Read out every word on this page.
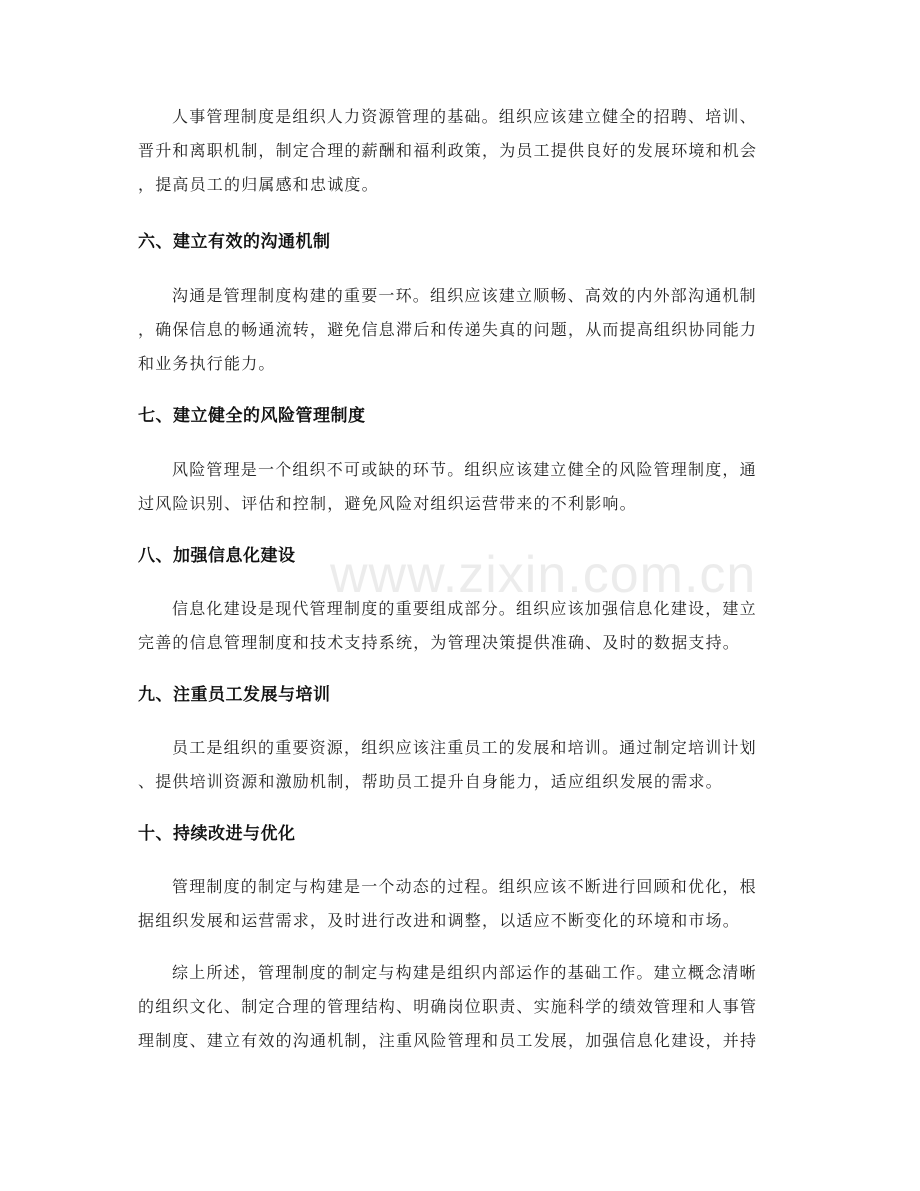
www.zixin.com.cn

人事管理制度是组织人力资源管理的基础。组织应该建立健全的招聘、培训、
晋升和离职机制，制定合理的薪酬和福利政策，为员工提供良好的发展环境和机会
，提高员工的归属感和忠诚度。

六、建立有效的沟通机制

沟通是管理制度构建的重要一环。组织应该建立顺畅、高效的内外部沟通机制
，确保信息的畅通流转，避免信息滞后和传递失真的问题，从而提高组织协同能力
和业务执行能力。

七、建立健全的风险管理制度

风险管理是一个组织不可或缺的环节。组织应该建立健全的风险管理制度，通
过风险识别、评估和控制，避免风险对组织运营带来的不利影响。

八、加强信息化建设

信息化建设是现代管理制度的重要组成部分。组织应该加强信息化建设，建立
完善的信息管理制度和技术支持系统，为管理决策提供准确、及时的数据支持。

九、注重员工发展与培训

员工是组织的重要资源，组织应该注重员工的发展和培训。通过制定培训计划
、提供培训资源和激励机制，帮助员工提升自身能力，适应组织发展的需求。

十、持续改进与优化

管理制度的制定与构建是一个动态的过程。组织应该不断进行回顾和优化，根
据组织发展和运营需求，及时进行改进和调整，以适应不断变化的环境和市场。

综上所述，管理制度的制定与构建是组织内部运作的基础工作。建立概念清晰
的组织文化、制定合理的管理结构、明确岗位职责、实施科学的绩效管理和人事管
理制度、建立有效的沟通机制，注重风险管理和员工发展，加强信息化建设，并持
